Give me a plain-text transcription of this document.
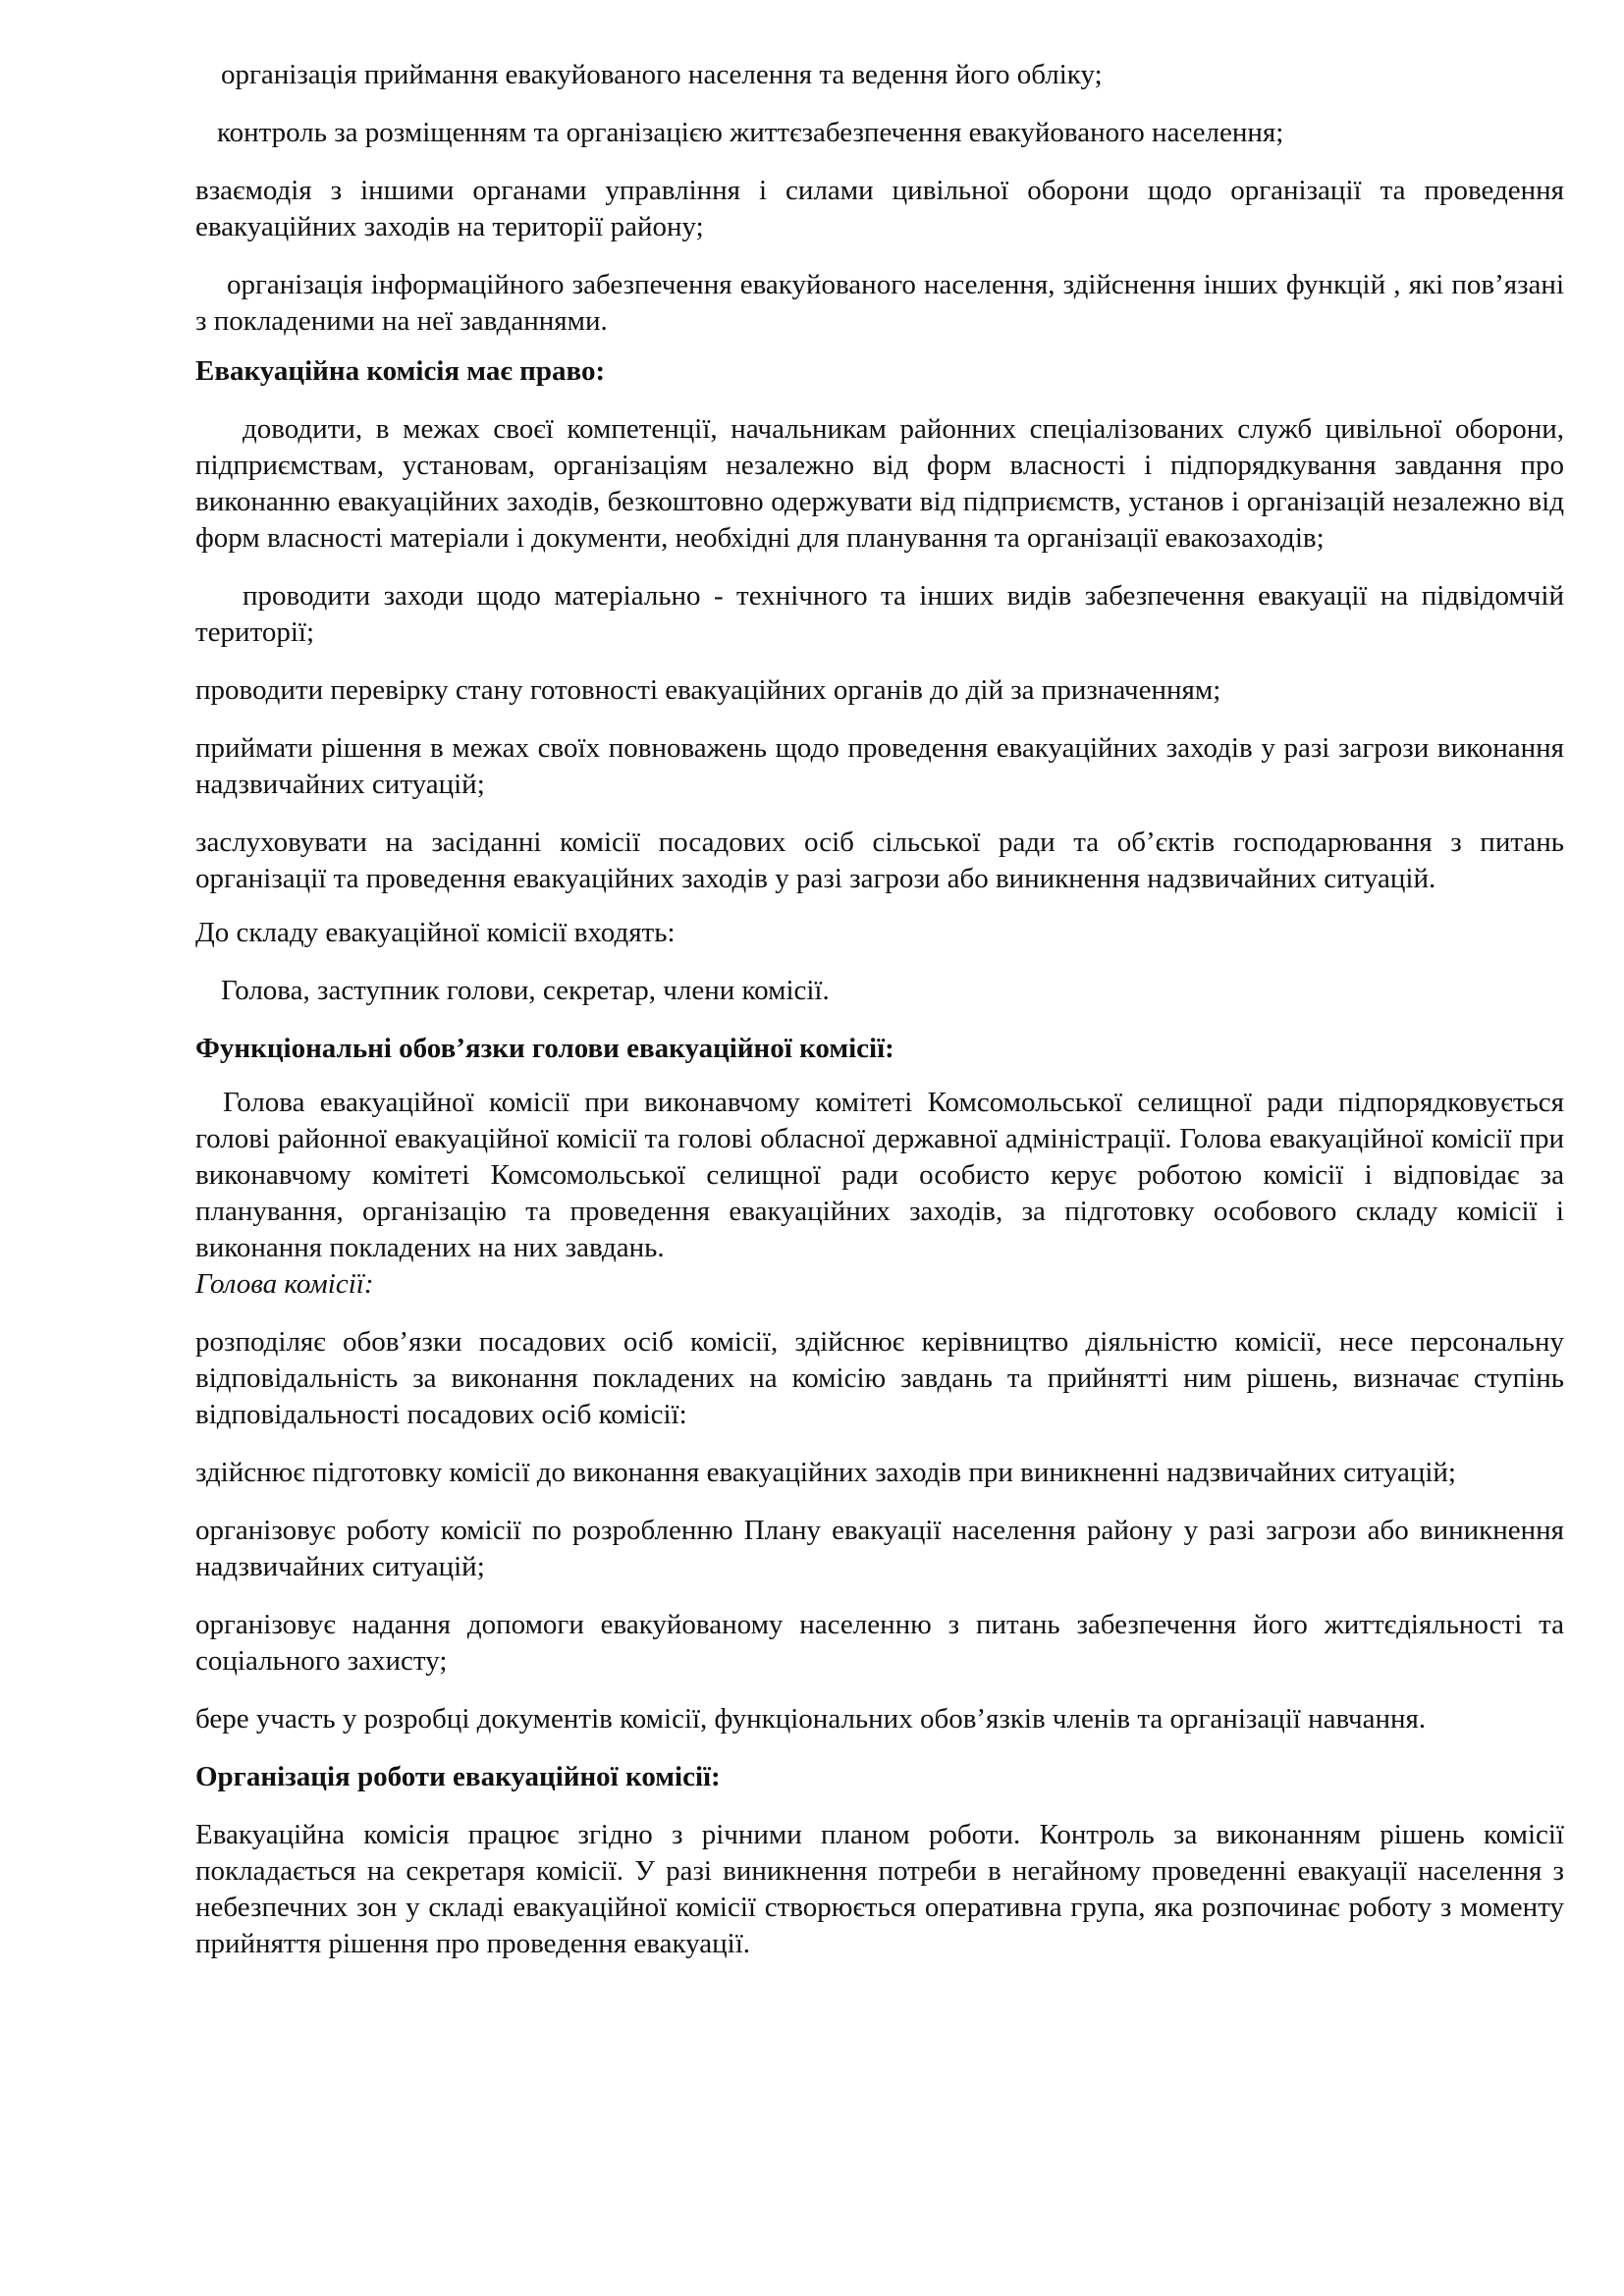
організація приймання евакуйованого населення та ведення його обліку;

контроль за розміщенням та організацією життєзабезпечення евакуйованого населення;

взаємодія з іншими органами управління і силами цивільної оборони щодо організації та проведення евакуаційних заходів на території району;

організація інформаційного забезпечення евакуйованого населення, здійснення інших функцій , які пов’язані з покладеними на неї завданнями.

Евакуаційна комісія має право:

доводити, в межах своєї компетенції, начальникам районних спеціалізованих служб цивільної оборони, підприємствам, установам, організаціям незалежно від форм власності і підпорядкування завдання про виконанню евакуаційних заходів, безкоштовно одержувати від підприємств, установ і організацій незалежно від форм власності матеріали і документи, необхідні для планування та організації евакозаходів;

проводити заходи щодо матеріально - технічного та інших видів забезпечення евакуації на підвідомчій території;

проводити перевірку стану готовності евакуаційних органів до дій за призначенням;

приймати рішення в межах своїх повноважень щодо проведення евакуаційних заходів у разі загрози виконання надзвичайних ситуацій;

заслуховувати на засіданні комісії посадових осіб сільської ради та об’єктів господарювання з питань організації та проведення евакуаційних заходів у разі загрози або виникнення надзвичайних ситуацій.

До складу евакуаційної комісії входять:

Голова, заступник голови, секретар, члени комісії.

Функціональні обов’язки голови евакуаційної комісії:

Голова евакуаційної комісії при виконавчому комітеті Комсомольської селищної ради підпорядковується голові районної евакуаційної комісії та голові обласної державної адміністрації. Голова евакуаційної комісії при виконавчому комітеті Комсомольської селищної ради особисто керує роботою комісії і відповідає за планування, організацію та проведення евакуаційних заходів, за підготовку особового складу комісії і виконання покладених на них завдань.

Голова комісії:

розподіляє обов’язки посадових осіб комісії, здійснює керівництво діяльністю комісії, несе персональну відповідальність за виконання покладених на комісію завдань та прийнятті ним рішень, визначає ступінь відповідальності посадових осіб комісії:

здійснює підготовку комісії до виконання евакуаційних заходів при виникненні надзвичайних ситуацій;

організовує роботу комісії по розробленню Плану евакуації населення району у разі загрози або виникнення надзвичайних ситуацій;

організовує надання допомоги евакуйованому населенню з питань забезпечення його життєдіяльності та соціального захисту;

бере участь у розробці документів комісії, функціональних обов’язків членів та організації навчання.

Організація роботи евакуаційної комісії:

Евакуаційна комісія працює згідно з річними планом роботи. Контроль за виконанням рішень комісії покладається на секретаря комісії. У разі виникнення потреби в негайному проведенні евакуації населення з небезпечних зон у складі евакуаційної комісії створюється оперативна група, яка розпочинає роботу з моменту прийняття рішення про проведення евакуації.
